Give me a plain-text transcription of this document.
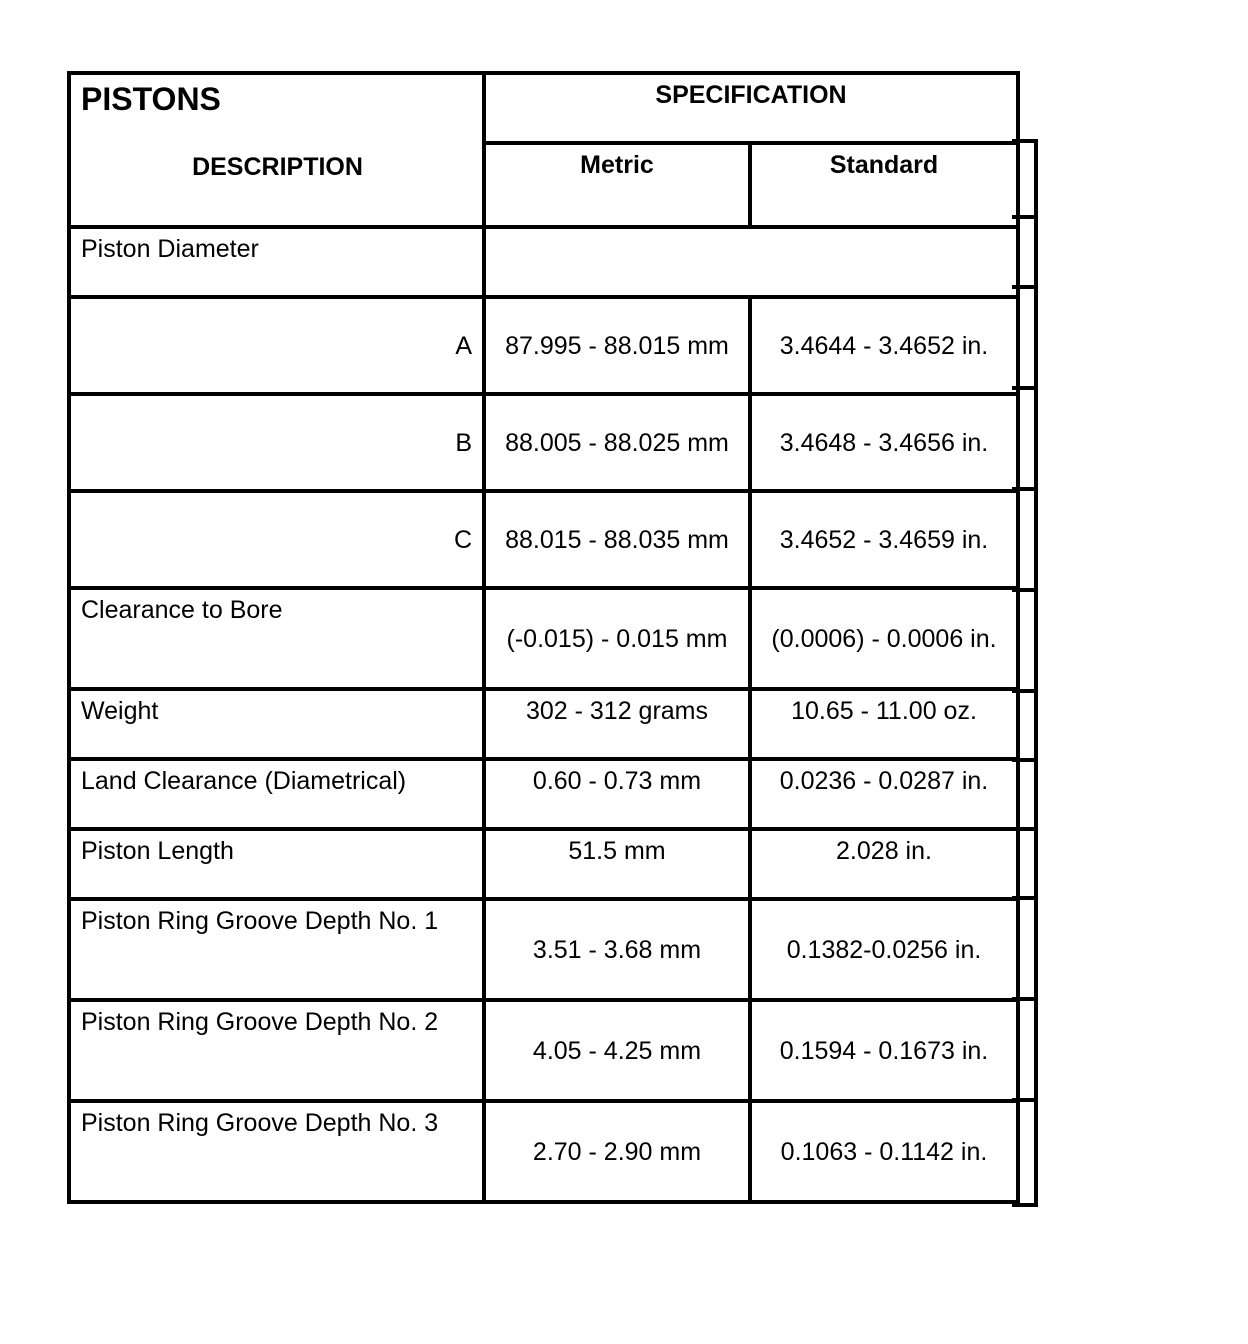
PISTONS
DESCRIPTION	SPECIFICATION	
	Metric	Standard
Piston Diameter		
A	87.995 - 88.015 mm	3.4644 - 3.4652 in.
B	88.005 - 88.025 mm	3.4648 - 3.4656 in.
C	88.015 - 88.035 mm	3.4652 - 3.4659 in.
Clearance to Bore	(-0.015) - 0.015 mm	(0.0006) - 0.0006 in.
Weight	302 - 312 grams	10.65 - 11.00 oz.
Land Clearance (Diametrical)	0.60 - 0.73 mm	0.0236 - 0.0287 in.
Piston Length	51.5 mm	2.028 in.
Piston Ring Groove Depth No. 1	3.51 - 3.68 mm	0.1382-0.0256 in.
Piston Ring Groove Depth No. 2	4.05 - 4.25 mm	0.1594 - 0.1673 in.
Piston Ring Groove Depth No. 3	2.70 - 2.90 mm	0.1063 - 0.1142 in.
